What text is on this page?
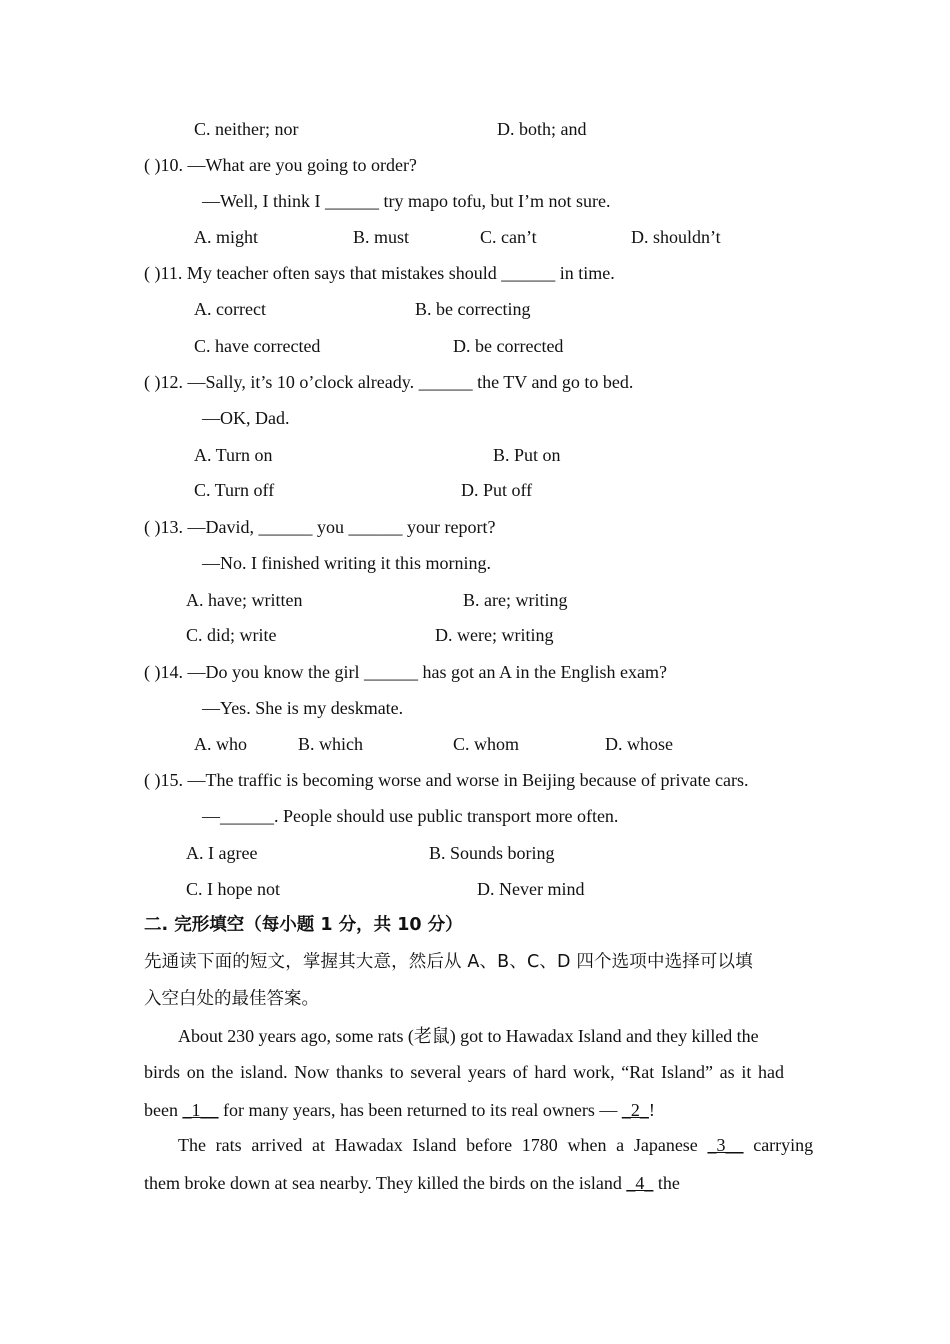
C. neither; nor	D. both; and
( )10. —What are you going to order?
—Well, I think I ______ try mapo tofu, but I’m not sure.
A. might	B. must	C. can’t	D. shouldn’t
( )11. My teacher often says that mistakes should ______ in time.
A. correct	B. be correcting
C. have corrected	D. be corrected
( )12. —Sally, it’s 10 o’clock already. ______ the TV and go to bed.
—OK, Dad.
A. Turn on	B. Put on
C. Turn off	D. Put off
( )13. —David, ______ you ______ your report?
—No. I finished writing it this morning.
A. have; written	B. are; writing
C. did; write	D. were; writing
( )14. —Do you know the girl ______ has got an A in the English exam?
—Yes. She is my deskmate.
A. who	B. which	C. whom	D. whose
( )15. —The traffic is becoming worse and worse in Beijing because of private cars.
—______. People should use public transport more often.
A. I agree	B. Sounds boring
C. I hope not	D. Never mind
二. 完形填空（每小题 1 分，共 10 分）
先通读下面的短文，掌握其大意，然后从 A、B、C、D 四个选项中选择可以填
入空白处的最佳答案。
About 230 years ago, some rats (老鼠) got to Hawadax Island and they killed the
birds on the island. Now thanks to several years of hard work, “Rat Island” as it had
been _1__ for many years, has been returned to its real owners — _2_!
The rats arrived at Hawadax Island before 1780 when a Japanese _3__ carrying
them broke down at sea nearby. They killed the birds on the island _4_ the
